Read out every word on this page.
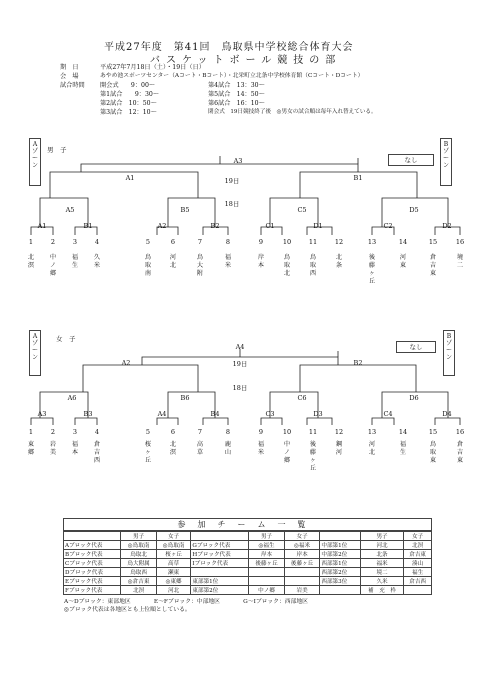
平成27年度　第41回　鳥取県中学校総合体育大会
バスケットボール競技の部
期　日	平成27年7月18日（土）・19日（日）
会　場	あやめ池スポーツセンター（Aコート・Bコート）・北栄町立北条中学校体育館（Cコート・Dコート）
試合時間 開会式　　9：00～
第1試合　　9：30～
第2試合　10：50～
第3試合　12：10～
第4試合　13：30～
第5試合　14：50～
第6試合　16：10～
閉会式　19日競技終了後　◎男女の試合順は毎年入れ替えている。
Aゾーン
男　子
Bゾーン
なし
A3
A1	B1
19日
18日
A5	B5	C5	D5
A1	B1	A2	B2	C1	D1	C2	D2
1	2	3	4	5	6	7	8	9	10	11	12	13	14	15	16
北溟
中ノ郷
福生
久米
鳥取南
河北
鳥大附
福米
岸本
鳥取北
鳥取西
北条
後藤ヶ丘
河東
倉吉東
境二
Aゾーン
女　子	Bゾーン
なし
A4
A2	B2
19日
18日
A6	B6	C6	D6
A3	B3	A4	B4	C3	D3	C4	D4
1	2	3	4	5	6	7	8	9	10	11	12	13	14	15	16
東郷
岩美
福本
倉吉西
桜ヶ丘
北溟
高草
鹿山
福米
中ノ郷
後藤ヶ丘
鋼河
河北
福生
鳥取東
倉吉東
参加チーム一覧
	男子	女子		男子	女子		男子	女子
Aブロック代表	◎鳥取南	◎鳥取南	Gブロック代表	◎福生	◎福米	中部第1位	河北	北溟
Bブロック代表	鳥取北	桜ヶ丘	Hブロック代表	岸本	岸本	中部第2位	北条	倉吉東
Cブロック代表	鳥大附属	高草	Iブロック代表	後藤ヶ丘	後藤ヶ丘	西部第1位	福米	湊山
Dブロック代表	鳥取西	瀬東				西部第2位	境二	福生
Eブロック代表	◎倉吉東	◎東郷	東部第1位			西部第3位	久米	倉吉西
Fブロック代表	北溟	河北	東部第2位	中ノ郷	岩美		補　充　枠	
A～Dブロック：東部地区　　　　E～Fブロック：中部地区　　　　G～Iブロック：西部地区
◎ブロック代表は各地区とも上位順としている。
